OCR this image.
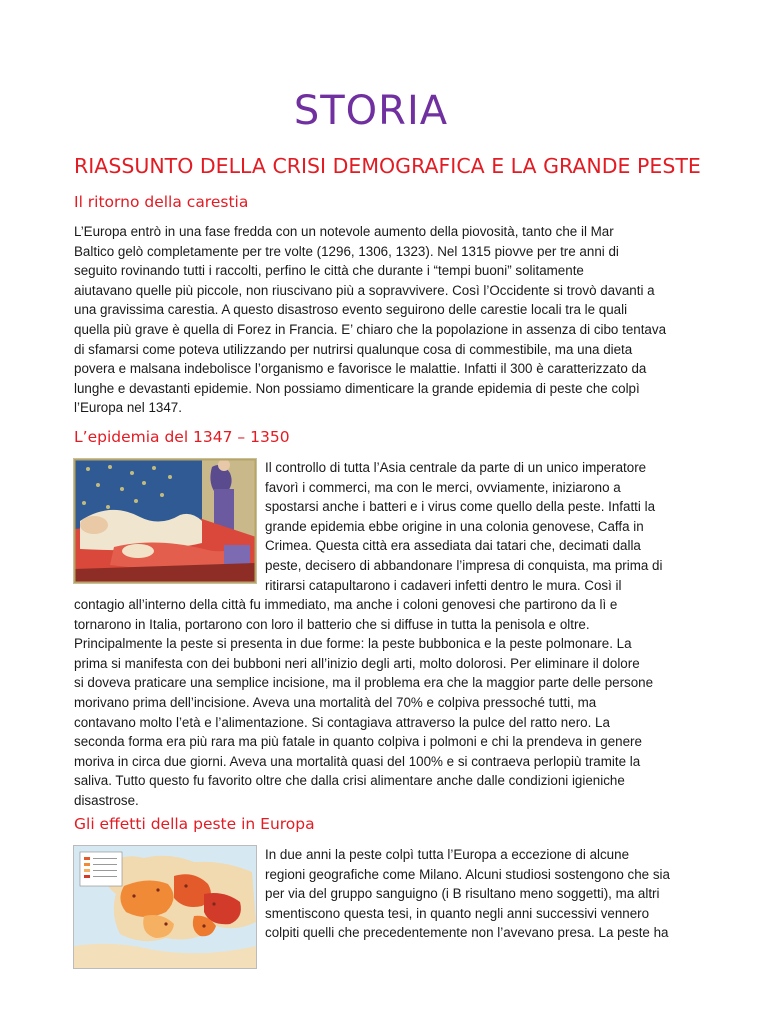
STORIA
RIASSUNTO DELLA CRISI DEMOGRAFICA E LA GRANDE PESTE
Il ritorno della carestia
L’Europa entrò in una fase fredda con un notevole aumento della piovosità, tanto che il Mar
Baltico gelò completamente per tre volte (1296, 1306, 1323). Nel 1315 piovve per tre anni di
seguito rovinando tutti i raccolti, perfino le città che durante i “tempi buoni” solitamente
aiutavano quelle più piccole, non riuscivano più a sopravvivere. Così l’Occidente si trovò davanti a
una gravissima carestia. A questo disastroso evento seguirono delle carestie locali tra le quali
quella più grave è quella di Forez in Francia. E’ chiaro che la popolazione in assenza di cibo tentava
di sfamarsi come poteva utilizzando per nutrirsi qualunque cosa di commestibile, ma una dieta
povera e malsana indebolisce l’organismo e favorisce le malattie. Infatti il 300 è caratterizzato da
lunghe e devastanti epidemie. Non possiamo dimenticare la grande epidemia di peste che colpì
l’Europa nel 1347.
L’epidemia del 1347 – 1350
Il controllo di tutta l’Asia centrale da parte di un unico imperatore
favorì i commerci, ma con le merci, ovviamente, iniziarono a
spostarsi anche i batteri e i virus come quello della peste. Infatti la
grande epidemia ebbe origine in una colonia genovese, Caffa in
Crimea. Questa città era assediata dai tatari che, decimati dalla
peste, decisero di abbandonare l’impresa di conquista, ma prima di
ritirarsi catapultarono i cadaveri infetti dentro le mura. Così il
contagio all’interno della città fu immediato, ma anche i coloni genovesi che partirono da lì e
tornarono in Italia, portarono con loro il batterio che si diffuse in tutta la penisola e oltre.
Principalmente la peste si presenta in due forme: la peste bubbonica e la peste polmonare. La
prima si manifesta con dei bubboni neri all’inizio degli arti, molto dolorosi. Per eliminare il dolore
si doveva praticare una semplice incisione, ma il problema era che la maggior parte delle persone
morivano prima dell’incisione. Aveva una mortalità del 70% e colpiva pressoché tutti, ma
contavano molto l’età e l’alimentazione. Si contagiava attraverso la pulce del ratto nero. La
seconda forma era più rara ma più fatale in quanto colpiva i polmoni e chi la prendeva in genere
moriva in circa due giorni. Aveva una mortalità quasi del 100% e si contraeva perlopiù tramite la
saliva. Tutto questo fu favorito oltre che dalla crisi alimentare anche dalle condizioni igieniche
disastrose.
Gli effetti della peste in Europa
In due anni la peste colpì tutta l’Europa a eccezione di alcune
regioni geografiche come Milano. Alcuni studiosi sostengono che sia
per via del gruppo sanguigno (i B risultano meno soggetti), ma altri
smentiscono questa tesi, in quanto negli anni successivi vennero
colpiti quelli che precedentemente non l’avevano presa. La peste ha
